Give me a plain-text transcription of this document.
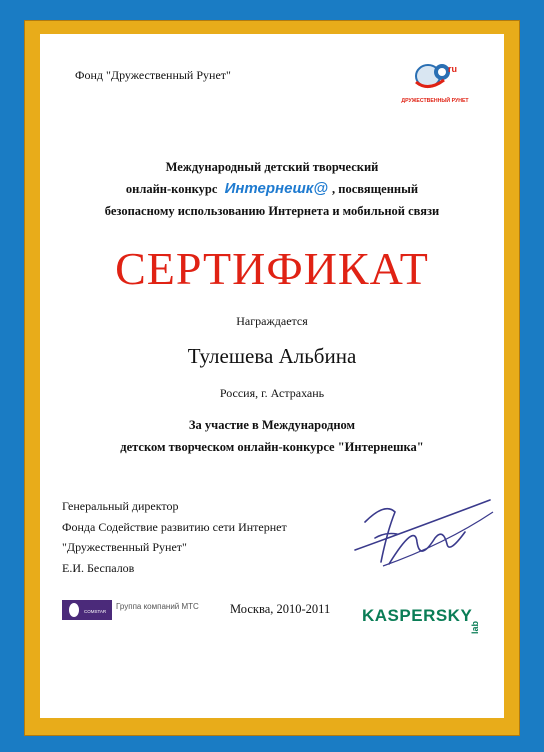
Фонд "Дружественный Рунет"	ru
ДРУЖЕСТВЕННЫЙ РУНЕТ
Международный детский творческий
онлайн-конкурс Интернешк@ , посвященный
безопасному использованию Интернета и мобильной связи
СЕРТИФИКАТ
Награждается
Тулешева Альбина
Россия, г. Астрахань
За участие в Международном
детском творческом онлайн-конкурсе "Интернешка"
Генеральный директор
Фонда Содействие развитию сети Интернет
"Дружественный Рунет"
Е.И. Беспалов
COMSTAR
Группа компаний МТС Москва, 2010-2011 KASPERSKY
lab
